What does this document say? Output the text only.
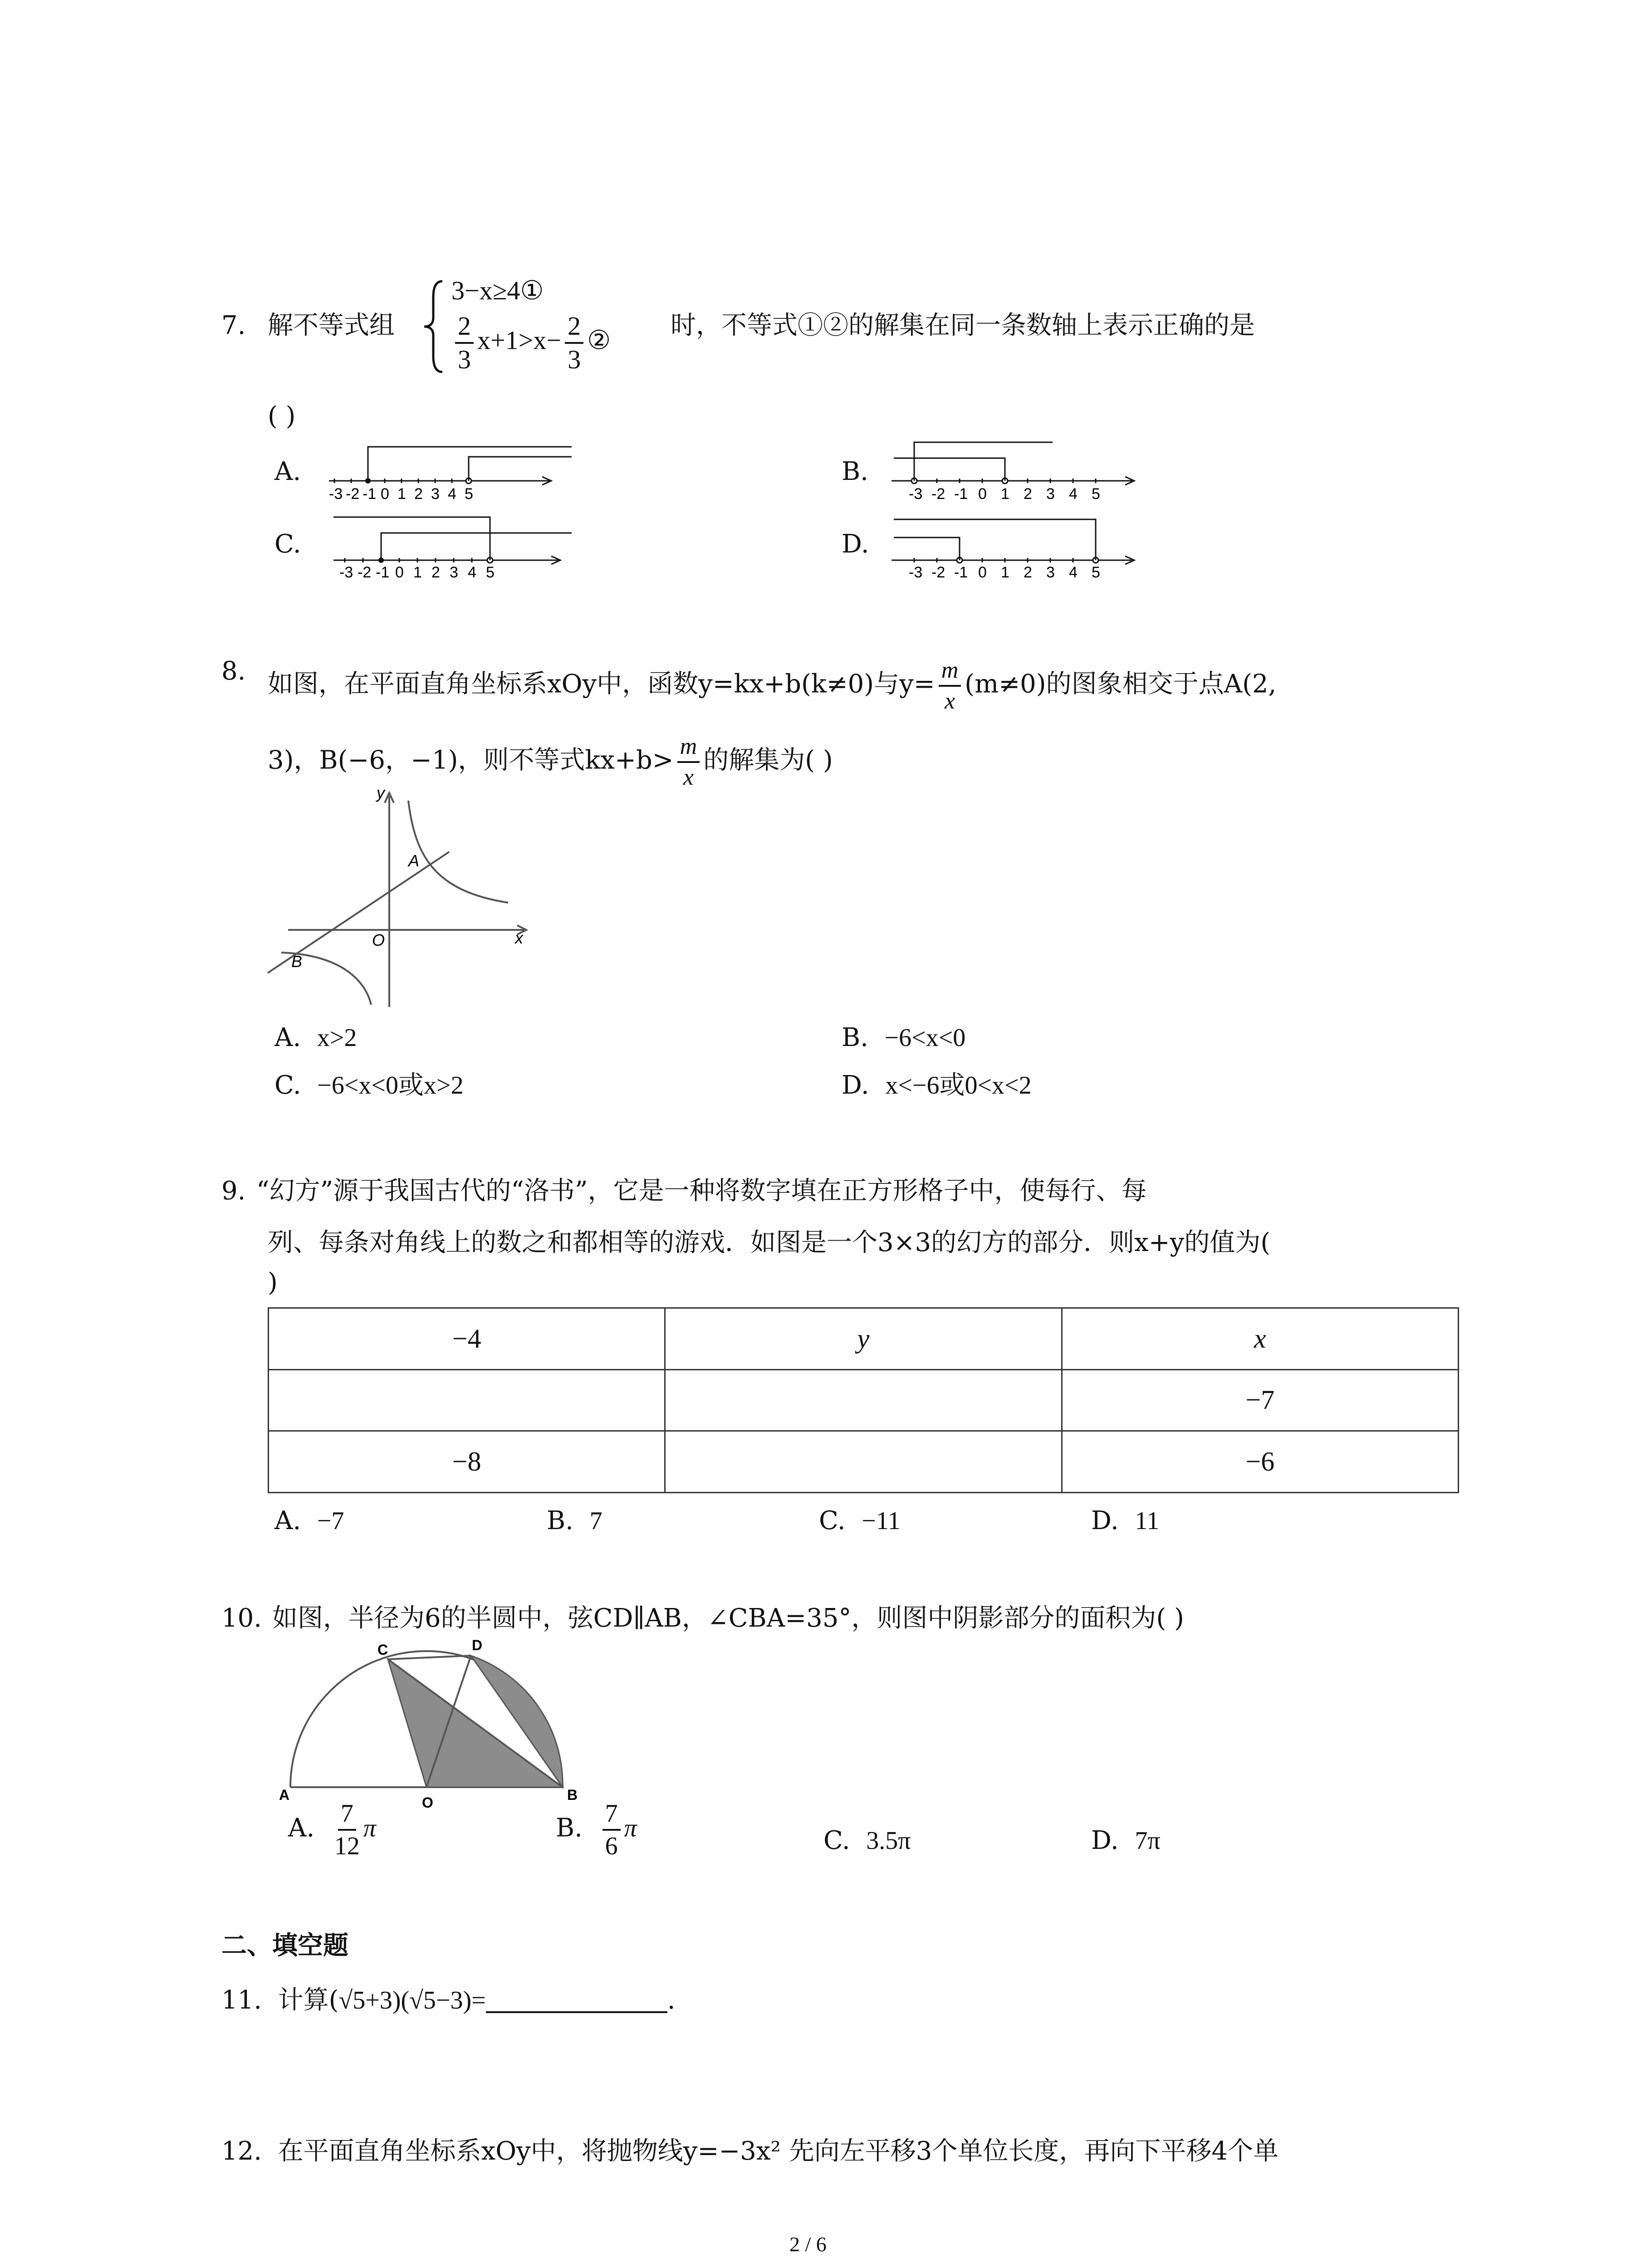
7. 解不等式组
3−x≥4①
$\frac{2}{3} x+1>x- \frac{2}{3}$ ② 时，不等式①②的解集在同一条数轴上表示正确的是
( )
A.	B.
C.	D.
-3 -2 -1 0 1 2 3 4 5	-3 -2 -1 0 1 2 3 4 5
-3 -2 -1 0 1 2 3 4 5	-3 -2 -1 0 1 2 3 4 5
8. 如图，在平面直角坐标系xOy中，函数y=kx+b(k≠0)与$y= \frac{m}{x} (m\ne 0)$的图象相交于点A(2,
3)，B(−6，−1)，则不等式$kx+b> \frac{m}{x}$ 的解集为( )
y
x
O
A
B
A. x>2	B. −6<x<0
C. −6<x<0或x>2	D. x<−6或0<x<2
9. “幻方”源于我国古代的“洛书”，它是一种将数字填在正方形格子中，使每行、每
列、每条对角线上的数之和都相等的游戏．如图是一个3×3的幻方的部分．则x+y的值为(
)
−4	y	x
		−7
−8		−6
A. −7	B. 7	C. −11	D. 11
10. 如图，半径为6的半圆中，弦CD∥AB，∠CBA=35°，则图中阴影部分的面积为( )
A	B
C	D
O
A. $\frac{7}{12}$ π	B. $\frac{7}{6}$ π	C. 3.5π	D. 7π
二、填空题
11. 计算(√5+3)(√5−3)=	.
12. 在平面直角坐标系xOy中，将抛物线y=−3x² 先向左平移3个单位长度，再向下平移4个单
2 / 6
